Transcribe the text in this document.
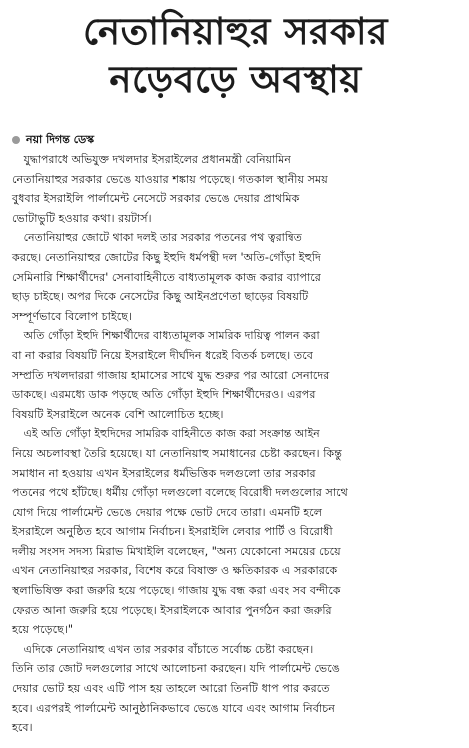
নেতানিয়াহুর সরকার
নড়েবড়ে অবস্থায়
নয়া দিগন্ত ডেস্ক
যুদ্ধাপরাধে অভিযুক্ত দখলদার ইসরাইলের প্রধানমন্ত্রী বেনিয়ামিন
নেতানিয়াহুর সরকার ভেঙে যাওয়ার শঙ্কায় পড়েছে। গতকাল স্থানীয় সময়
বুধবার ইসরাইলি পার্লামেন্ট নেসেটে সরকার ভেঙে দেয়ার প্রাথমিক
ভোটাভুটি হওয়ার কথা। রয়টার্স।
নেতানিয়াহুর জোটে থাকা দলই তার সরকার পতনের পথ ত্বরান্বিত
করছে। নেতানিয়াহুর জোটের কিছু ইহুদি ধর্মপন্থী দল 'অতি-গোঁড়া ইহুদি
সেমিনারি শিক্ষার্থীদের' সেনাবাহিনীতে বাধ্যতামূলক কাজ করার ব্যাপারে
ছাড় চাইছে। অপর দিকে নেসেটের কিছু আইনপ্রণেতা ছাড়ের বিষয়টি
সম্পূর্ণভাবে বিলোপ চাইছে।
অতি গোঁড়া ইহুদি শিক্ষার্থীদের বাধ্যতামূলক সামরিক দায়িত্ব পালন করা
বা না করার বিষয়টি নিয়ে ইসরাইলে দীর্ঘদিন ধরেই বিতর্ক চলছে। তবে
সম্প্রতি দখলদাররা গাজায় হামাসের সাথে যুদ্ধ শুরুর পর আরো সেনাদের
ডাকছে। এরমধ্যে ডাক পড়ছে অতি গোঁড়া ইহুদি শিক্ষার্থীদেরও। এরপর
বিষয়টি ইসরাইলে অনেক বেশি আলোচিত হচ্ছে।
এই অতি গোঁড়া ইহুদিদের সামরিক বাহিনীতে কাজ করা সংক্রান্ত আইন
নিয়ে অচলাবস্থা তৈরি হয়েছে। যা নেতানিয়াহু সমাধানের চেষ্টা করছেন। কিন্তু
সমাধান না হওয়ায় এখন ইসরাইলের ধর্মভিত্তিক দলগুলো তার সরকার
পতনের পথে হাঁটছে। ধর্মীয় গোঁড়া দলগুলো বলেছে বিরোধী দলগুলোর সাথে
যোগ দিয়ে পার্লামেন্ট ভেঙে দেয়ার পক্ষে ভোট দেবে তারা। এমনটি হলে
ইসরাইলে অনুষ্ঠিত হবে আগাম নির্বাচন। ইসরাইলি লেবার পার্টি ও বিরোধী
দলীয় সংসদ সদস্য মিরাভ মিখাইলি বলেছেন, "অন্য যেকোনো সময়ের চেয়ে
এখন নেতানিয়াহুর সরকার, বিশেষ করে বিষাক্ত ও ক্ষতিকারক এ সরকারকে
স্থলাভিষিক্ত করা জরুরি হয়ে পড়েছে। গাজায় যুদ্ধ বন্ধ করা এবং সব বন্দীকে
ফেরত আনা জরুরি হয়ে পড়েছে। ইসরাইলকে আবার পুনর্গঠন করা জরুরি
হয়ে পড়েছে।"
এদিকে নেতানিয়াহু এখন তার সরকার বাঁচাতে সর্বোচ্চ চেষ্টা করছেন।
তিনি তার জোট দলগুলোর সাথে আলোচনা করছেন। যদি পার্লামেন্ট ভেঙে
দেয়ার ভোট হয় এবং এটি পাস হয় তাহলে আরো তিনটি ধাপ পার করতে
হবে। এরপরই পার্লামেন্ট আনুষ্ঠানিকভাবে ভেঙে যাবে এবং আগাম নির্বাচন
হবে।
